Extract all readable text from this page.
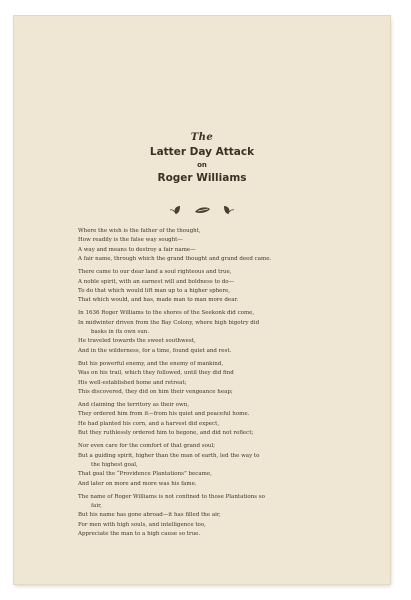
The
Latter Day Attack
on
Roger Williams
Where the wish is the father of the thought,
How readily is the false way sought—
A way and means to destroy a fair name—
A fair name, through which the grand thought and grand deed came.
There came to our dear land a soul righteous and true,
A noble spirit, with an earnest will and boldness to do—
To do that which would lift man up to a higher sphere,
That which would, and has, made man to man more dear.
In 1636 Roger Williams to the shores of the Seekonk did come,
In midwinter driven from the Bay Colony, where high bigotry did
basks in its own sun.
He traveled towards the sweet southwest,
And in the wilderness, for a time, found quiet and rest.
But his powerful enemy, and the enemy of mankind,
Was on his trail, which they followed, until they did find
His well-established home and retreat;
This discovered, they did on him their vengeance heap;
And claiming the territory as their own,
They ordered him from it—from his quiet and peaceful home.
He had planted his corn, and a harvest did expect,
But they ruthlessly ordered him to begone, and did not reflect;
Nor even care for the comfort of that grand soul;
But a guiding spirit, higher than the man of earth, led the way to
the highest goal,
That goal the “Providence Plantations” became,
And later on more and more was his fame.
The name of Roger Williams is not confined to those Plantations so
fair,
But his name has gone abroad—it has filled the air,
For men with high souls, and intelligence too,
Appreciate the man to a high cause so true.
